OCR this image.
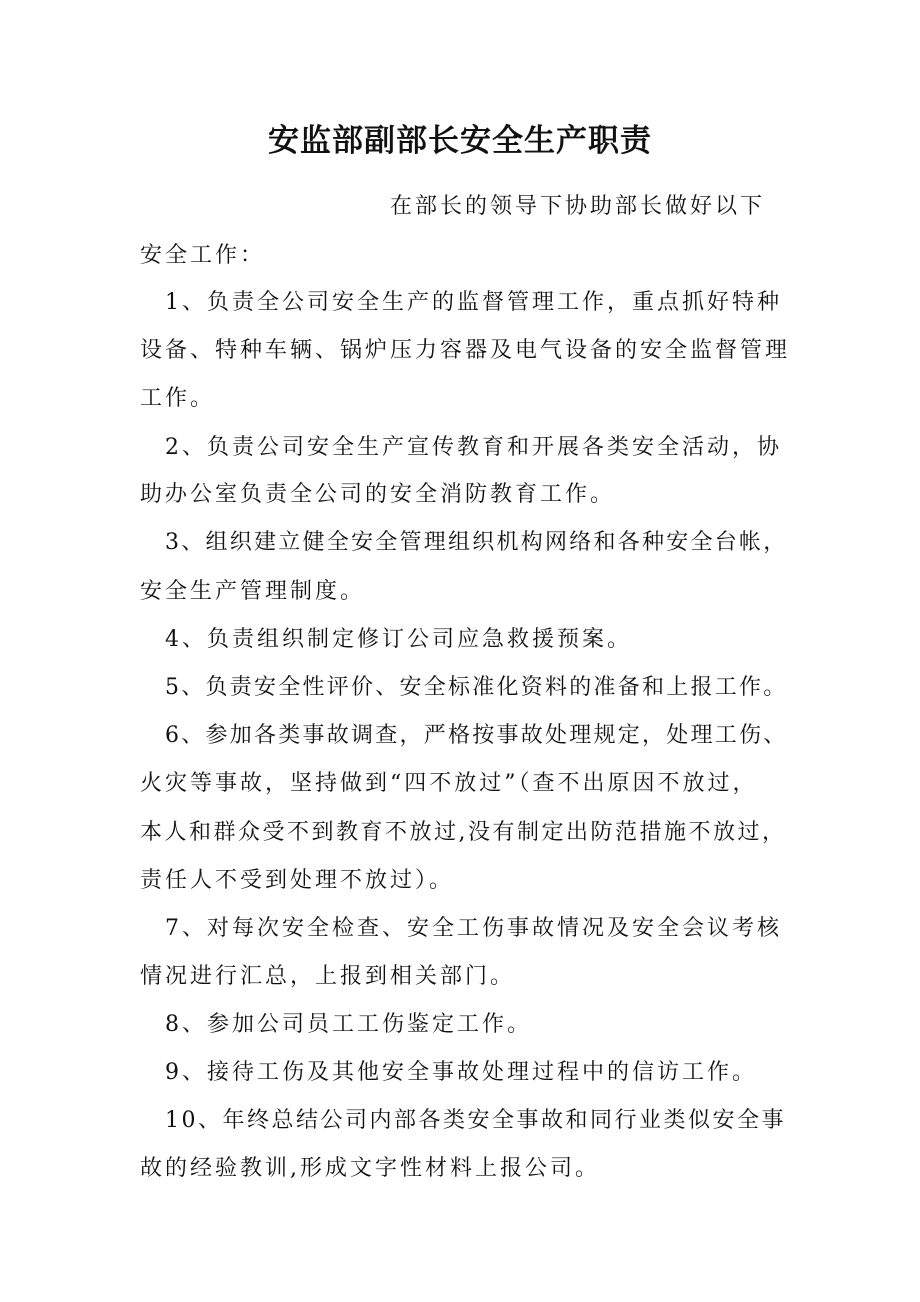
安监部副部长安全生产职责
在部长的领导下协助部长做好以下
安全工作：
1、负责全公司安全生产的监督管理工作，重点抓好特种
设备、特种车辆、锅炉压力容器及电气设备的安全监督管理
工作。
2、负责公司安全生产宣传教育和开展各类安全活动，协
助办公室负责全公司的安全消防教育工作。
3、组织建立健全安全管理组织机构网络和各种安全台帐，
安全生产管理制度。
4、负责组织制定修订公司应急救援预案。
5、负责安全性评价、安全标准化资料的准备和上报工作。
6、参加各类事故调查，严格按事故处理规定，处理工伤、
火灾等事故，坚持做到“四不放过”（查不出原因不放过，
本人和群众受不到教育不放过,没有制定出防范措施不放过，
责任人不受到处理不放过）。
7、对每次安全检查、安全工伤事故情况及安全会议考核
情况进行汇总，上报到相关部门。
8、参加公司员工工伤鉴定工作。
9、接待工伤及其他安全事故处理过程中的信访工作。
10、年终总结公司内部各类安全事故和同行业类似安全事
故的经验教训,形成文字性材料上报公司。
